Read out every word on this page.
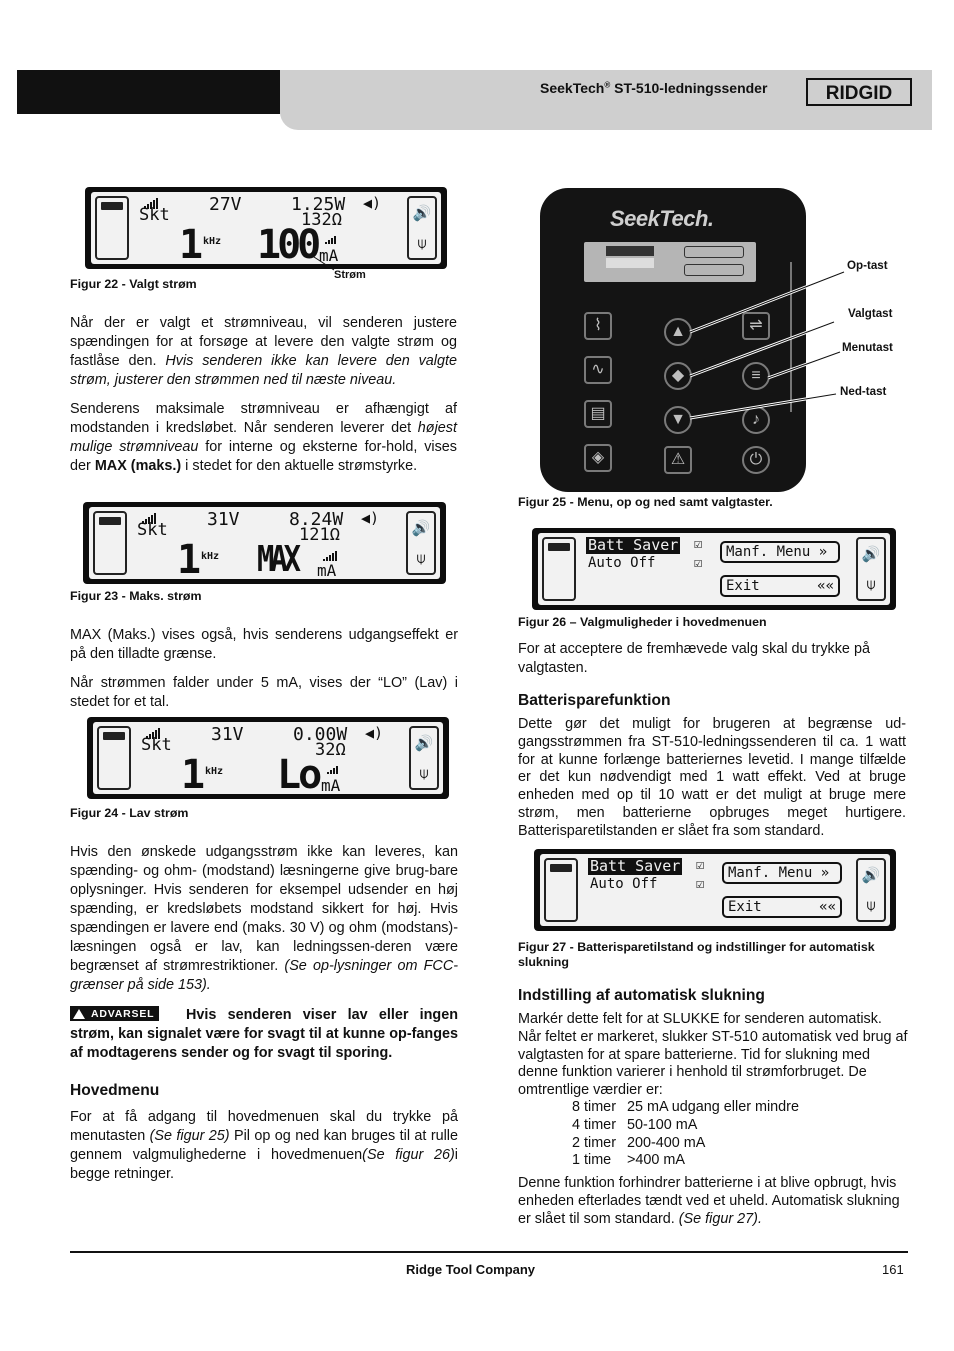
SeekTech® ST-510-ledningssender	RIDGID
Skt 27V	1.25W ◀)
132Ω
1 kHz 100 mA
🔊
⍦
Strøm
Figur 22 - Valgt strøm
Når der er valgt et strømniveau, vil senderen justere spændingen for at forsøge at levere den valgte strøm og fastlåse den. Hvis senderen ikke kan levere den valgte strøm, justerer den strømmen ned til næste niveau.
Senderens maksimale strømniveau er afhængigt af modstanden i kredsløbet. Når senderen leverer det højest mulige strømniveau for interne og eksterne for-hold, vises der MAX (maks.) i stedet for den aktuelle strømstyrke.
Skt 31V	8.24W ◀)
121Ω
1 kHz MAX mA
🔊
⍦
Figur 23 - Maks. strøm
MAX (Maks.) vises også, hvis senderens udgangseffekt er på den tilladte grænse.
Når strømmen falder under 5 mA, vises der “LO” (Lav) i stedet for et tal.
Skt 31V	0.00W ◀)
32Ω
1 kHz Lo mA
🔊
⍦
Figur 24 - Lav strøm
Hvis den ønskede udgangsstrøm ikke kan leveres, kan spænding- og ohm- (modstand) læsningerne give brug-bare oplysninger. Hvis senderen for eksempel udsender en høj spænding, er kredsløbets modstand sikkert for høj. Hvis spændingen er lavere end (maks. 30 V) og ohm (modstans)-læsningen også er lav, kan ledningssen-deren være begrænset af strømrestriktioner. (Se op-lysninger om FCC-grænser på side 153).
ADVARSEL	Hvis senderen viser lav eller ingen strøm, kan signalet være for svagt til at kunne op-fanges af modtagerens sender og for svagt til sporing.
Hovedmenu
For at få adgang til hovedmenuen skal du trykke på menutasten (Se figur 25) Pil op og ned kan bruges til at rulle gennem valgmulighederne i hovedmenuen(Se figur 26)i begge retninger.
SeekTech.
⌇
∿
▤
◈
▲
◆
▼
⚠
⇌
≡
♪
⏻
Op-tast
Valgtast
Menutast
Ned-tast
Figur 25 - Menu, op og ned samt valgtaster.
Batt Saver ☑
Auto Off	☑
Manf. Menu »
Exit	««
🔊
⍦
Figur 26 – Valgmuligheder i hovedmenuen
For at acceptere de fremhævede valg skal du trykke på valgtasten.
Batterisparefunktion
Dette gør det muligt for brugeren at begrænse ud-gangsstrømmen fra ST-510-ledningssenderen til ca. 1 watt for at kunne forlænge batteriernes levetid. I mange tilfælde er det kun nødvendigt med 1 watt effekt. Ved at bruge enheden med op til 10 watt er det muligt at bruge mere strøm, men batterierne opbruges meget hurtigere. Batterisparetilstanden er slået fra som standard.
Batt Saver ☑
Auto Off	☑
Manf. Menu »
Exit	««
🔊
⍦
Figur 27 - Batterisparetilstand og indstillinger for automatisk slukning
Indstilling af automatisk slukning
Markér dette felt for at SLUKKE for senderen automatisk. Når feltet er markeret, slukker ST-510 automatisk ved brug af valgtasten for at spare batterierne. Tid for slukning med denne funktion varierer i henhold til strømforbruget. De omtrentlige værdier er:
8 timer	25 mA udgang eller mindre
4 timer	50-100 mA
2 timer	200-400 mA
1 time	>400 mA
Denne funktion forhindrer batterierne i at blive opbrugt, hvis enheden efterlades tændt ved et uheld. Automatisk slukning er slået til som standard. (Se figur 27).
Ridge Tool Company	161
